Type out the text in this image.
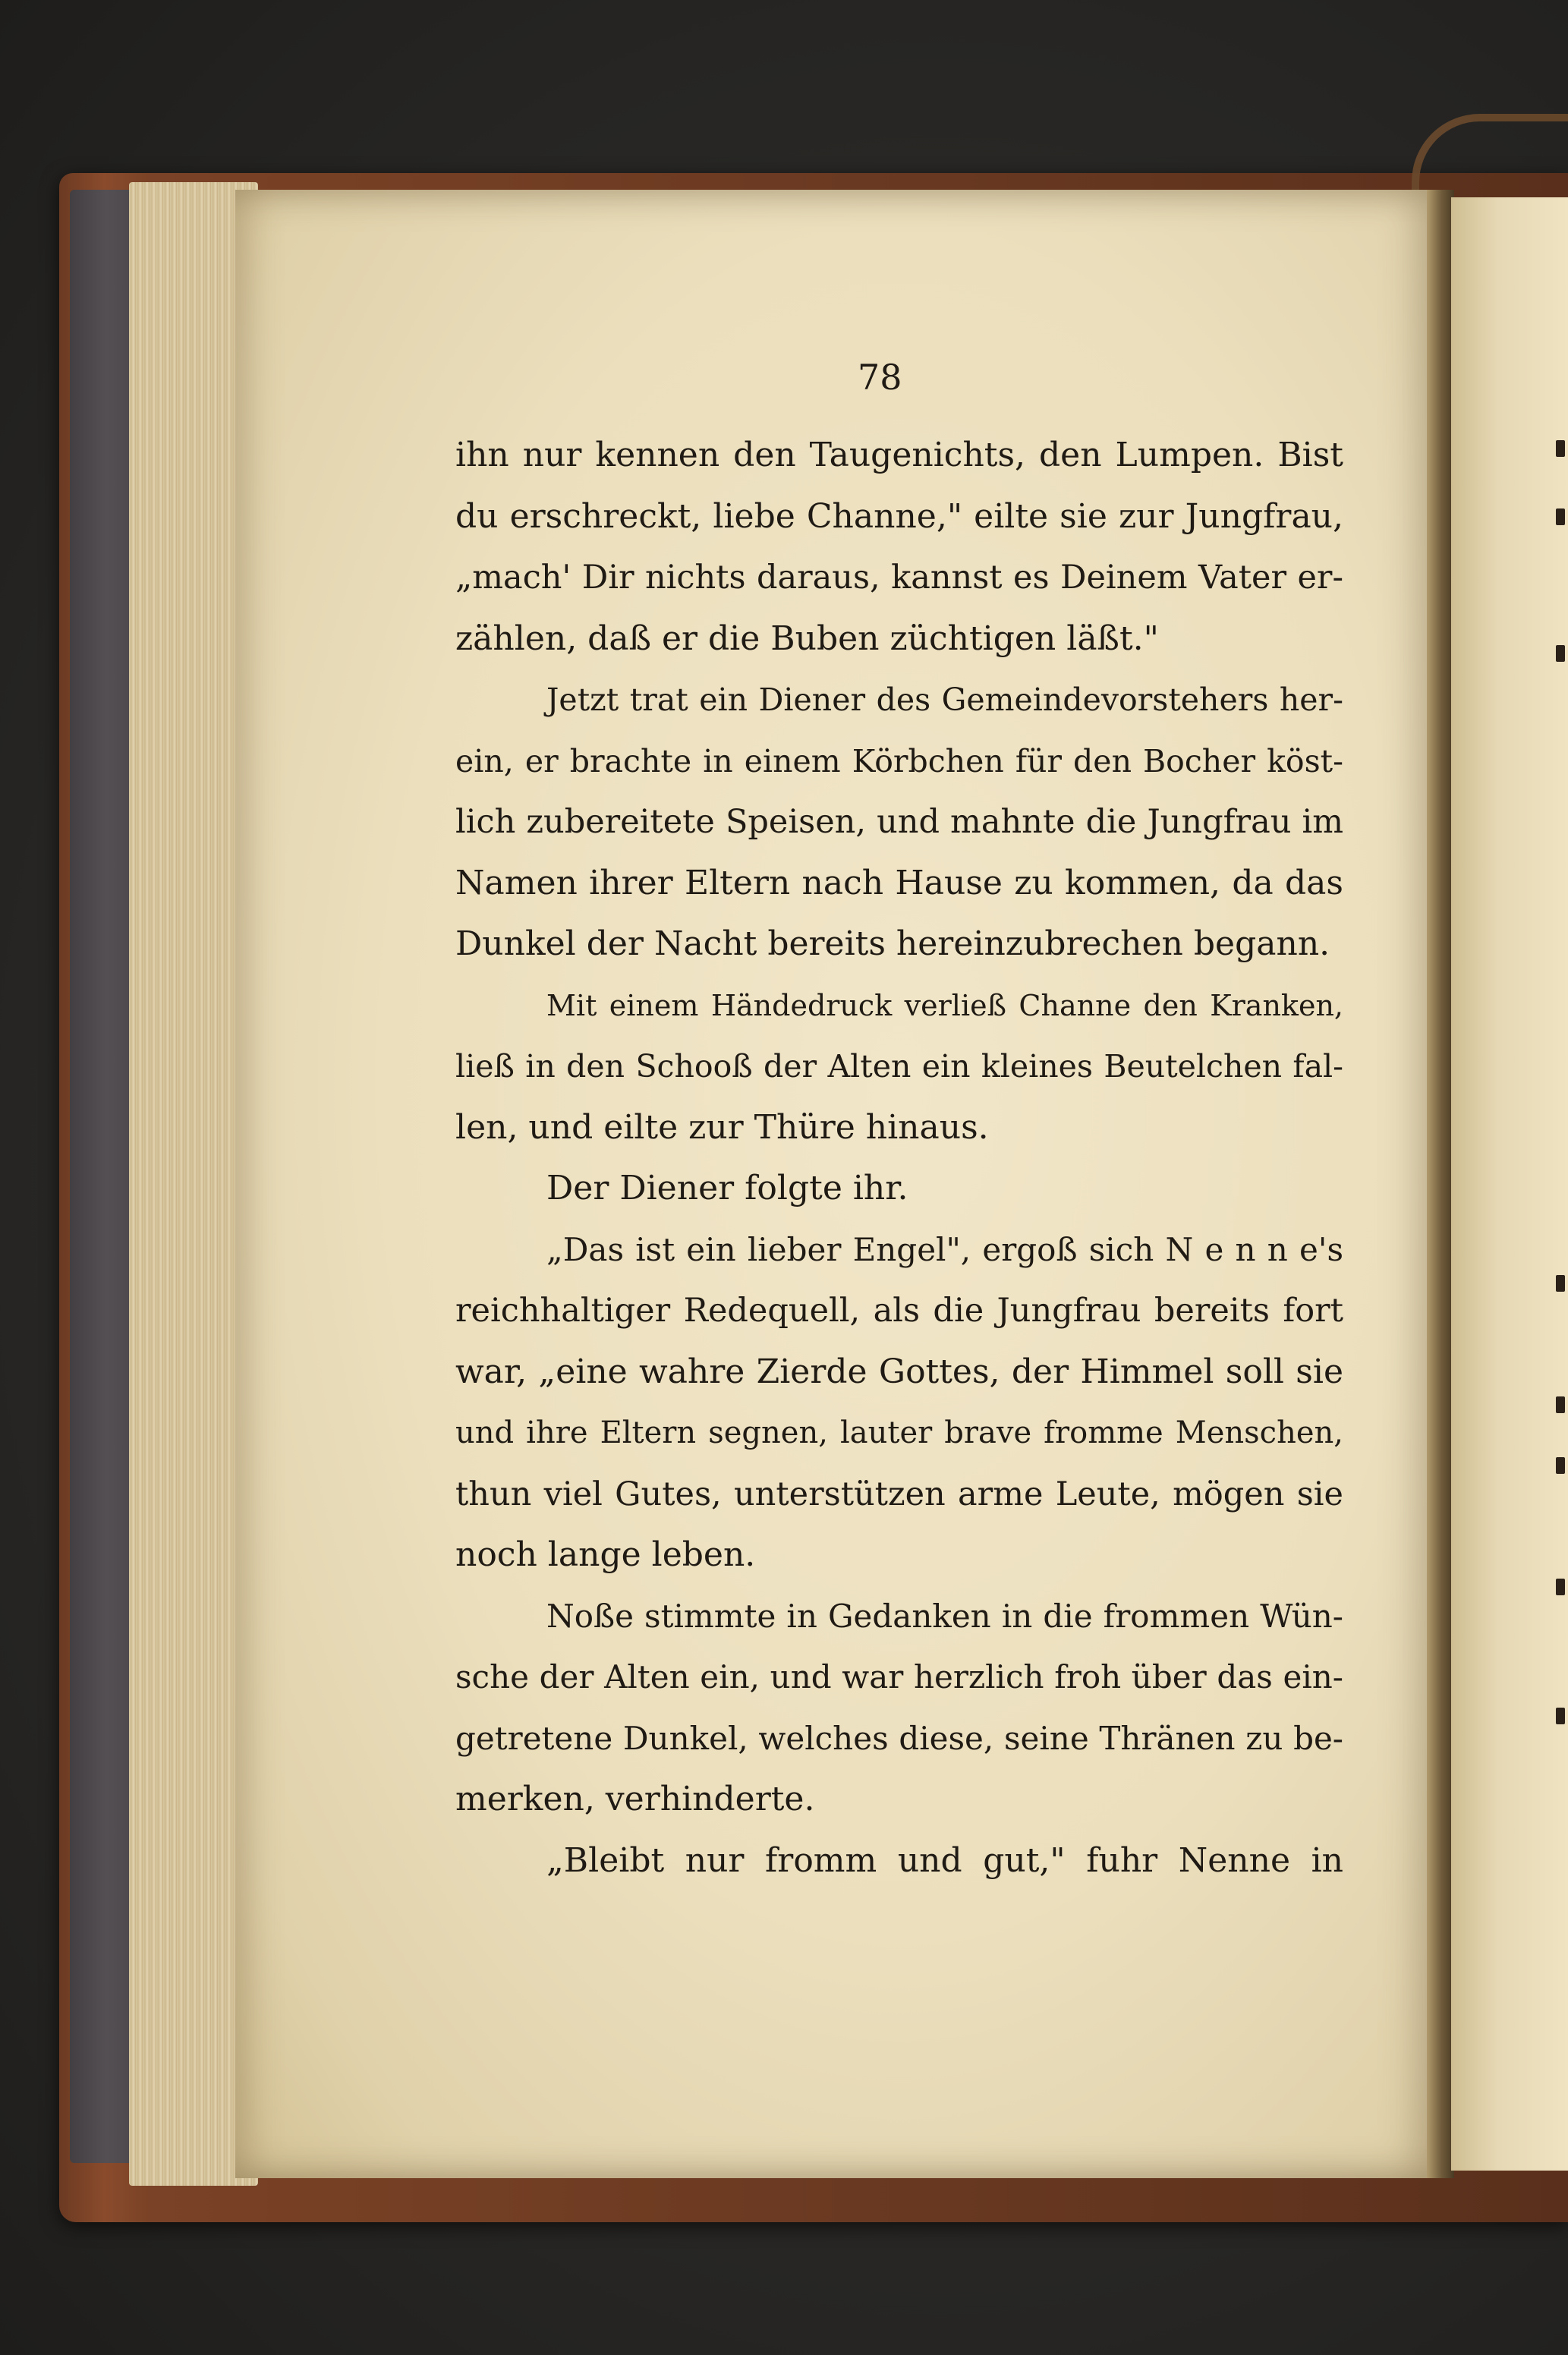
78
ihn nur kennen den Taugenichts, den Lumpen. Bist
du erschreckt, liebe Channe," eilte sie zur Jungfrau,
„mach' Dir nichts daraus, kannst es Deinem Vater er-
zählen, daß er die Buben züchtigen läßt."
Jetzt trat ein Diener des Gemeindevorstehers her-
ein, er brachte in einem Körbchen für den Bocher köst-
lich zubereitete Speisen, und mahnte die Jungfrau im
Namen ihrer Eltern nach Hause zu kommen, da das
Dunkel der Nacht bereits hereinzubrechen begann.
Mit einem Händedruck verließ Channe den Kranken,
ließ in den Schooß der Alten ein kleines Beutelchen fal-
len, und eilte zur Thüre hinaus.
Der Diener folgte ihr.
„Das ist ein lieber Engel", ergoß sich N e n n e's
reichhaltiger Redequell, als die Jungfrau bereits fort
war, „eine wahre Zierde Gottes, der Himmel soll sie
und ihre Eltern segnen, lauter brave fromme Menschen,
thun viel Gutes, unterstützen arme Leute, mögen sie
noch lange leben.
Noße stimmte in Gedanken in die frommen Wün-
sche der Alten ein, und war herzlich froh über das ein-
getretene Dunkel, welches diese, seine Thränen zu be-
merken, verhinderte.
„Bleibt nur fromm und gut," fuhr Nenne in
